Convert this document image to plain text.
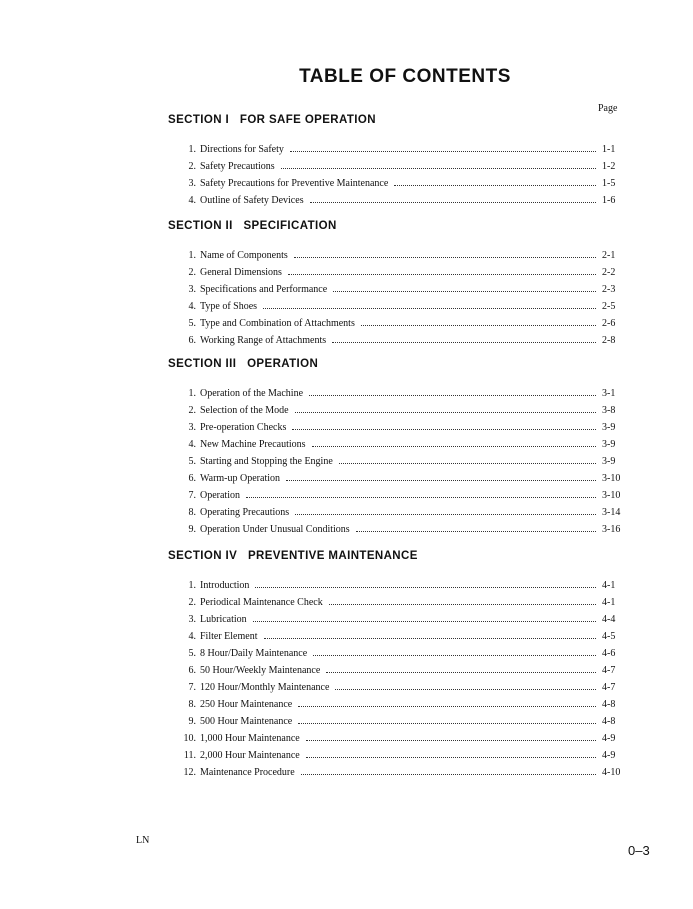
TABLE OF CONTENTS
Page
SECTION I   FOR SAFE OPERATION
1. Directions for Safety	1-1
2. Safety Precautions	1-2
3. Safety Precautions for Preventive Maintenance	1-5
4. Outline of Safety Devices	1-6
SECTION II   SPECIFICATION
1. Name of Components	2-1
2. General Dimensions	2-2
3. Specifications and Performance	2-3
4. Type of Shoes	2-5
5. Type and Combination of Attachments	2-6
6. Working Range of Attachments	2-8
SECTION III   OPERATION
1. Operation of the Machine	3-1
2. Selection of the Mode	3-8
3. Pre-operation Checks	3-9
4. New Machine Precautions	3-9
5. Starting and Stopping the Engine	3-9
6. Warm-up Operation	3-10
7. Operation	3-10
8. Operating Precautions	3-14
9. Operation Under Unusual Conditions	3-16
SECTION IV   PREVENTIVE MAINTENANCE
1. Introduction	4-1
2. Periodical Maintenance Check	4-1
3. Lubrication	4-4
4. Filter Element	4-5
5. 8 Hour/Daily Maintenance	4-6
6. 50 Hour/Weekly Maintenance	4-7
7. 120 Hour/Monthly Maintenance	4-7
8. 250 Hour Maintenance	4-8
9. 500 Hour Maintenance	4-8
10. 1,000 Hour Maintenance	4-9
11. 2,000 Hour Maintenance	4-9
12. Maintenance Procedure	4-10
LN
0–3
